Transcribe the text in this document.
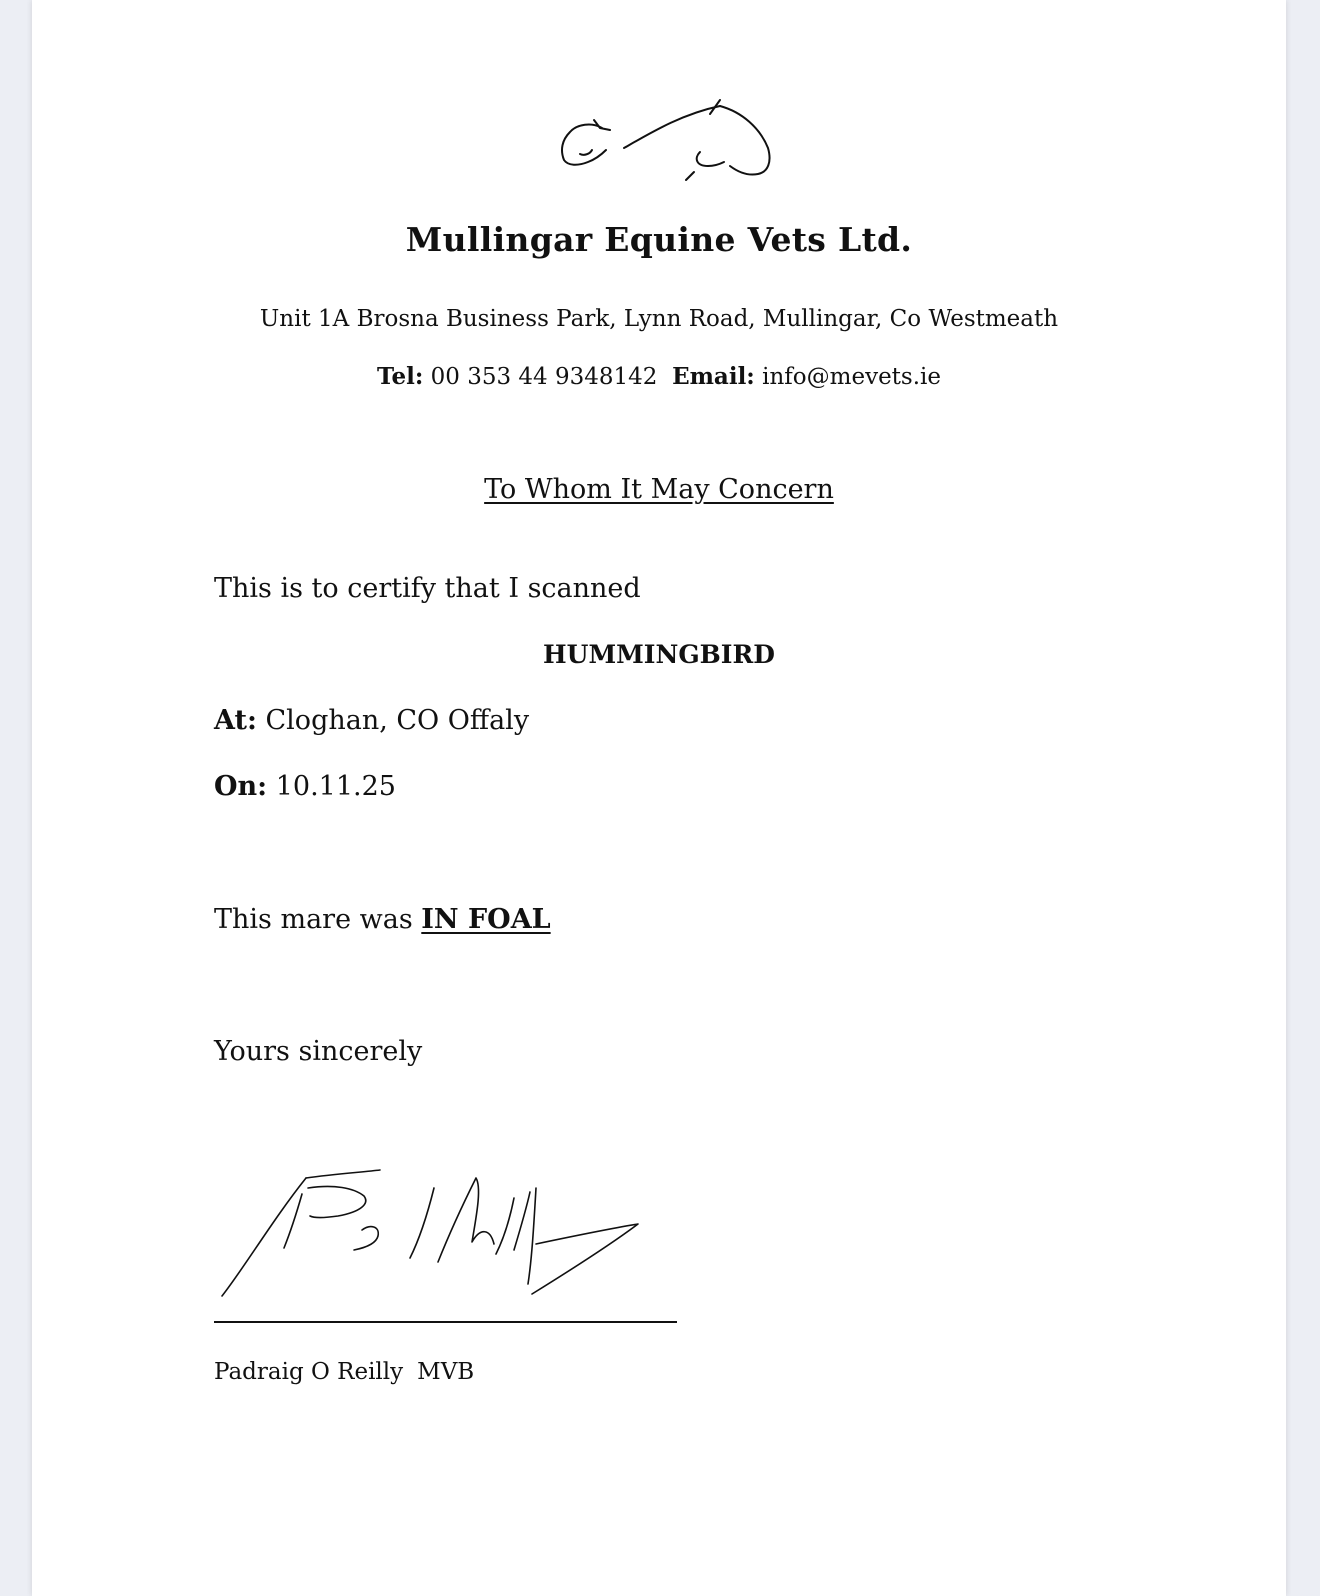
Mullingar Equine Vets Ltd.
Unit 1A Brosna Business Park, Lynn Road, Mullingar, Co Westmeath
Tel: 00 353 44 9348142 Email: info@mevets.ie
To Whom It May Concern
This is to certify that I scanned
HUMMINGBIRD
At: Cloghan, CO Offaly
On: 10.11.25
This mare was IN FOAL
Yours sincerely
Padraig O Reilly MVB
